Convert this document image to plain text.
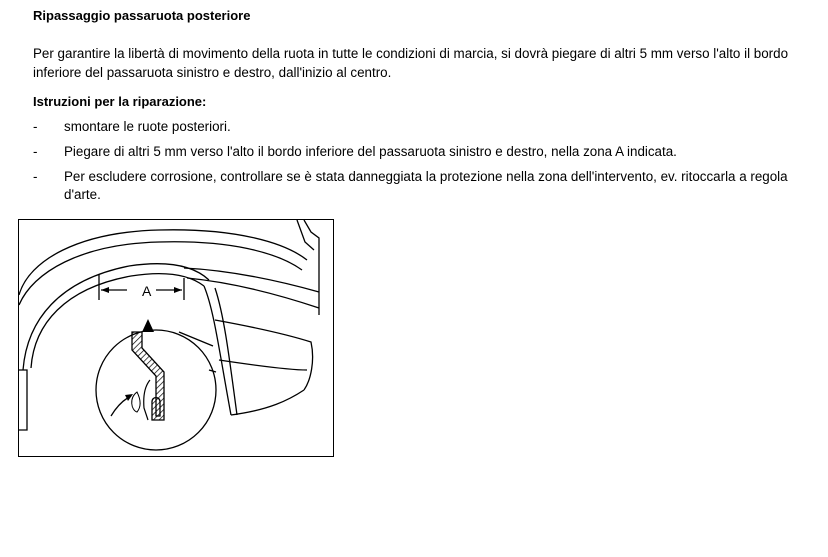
Ripassaggio passaruota posteriore
Per garantire la libertà di movimento della ruota in tutte le condizioni di marcia, si dovrà piegare di altri 5 mm verso l'alto il bordo inferiore del passaruota sinistro e destro, dall'inizio al centro.
Istruzioni per la riparazione:
- smontare le ruote posteriori.
- Piegare di altri 5 mm verso l'alto il bordo inferiore del passaruota sinistro e destro, nella zona A indicata.
- Per escludere corrosione, controllare se è stata danneggiata la protezione nella zona dell'intervento, ev. ritoccarla a regola d'arte.
A
